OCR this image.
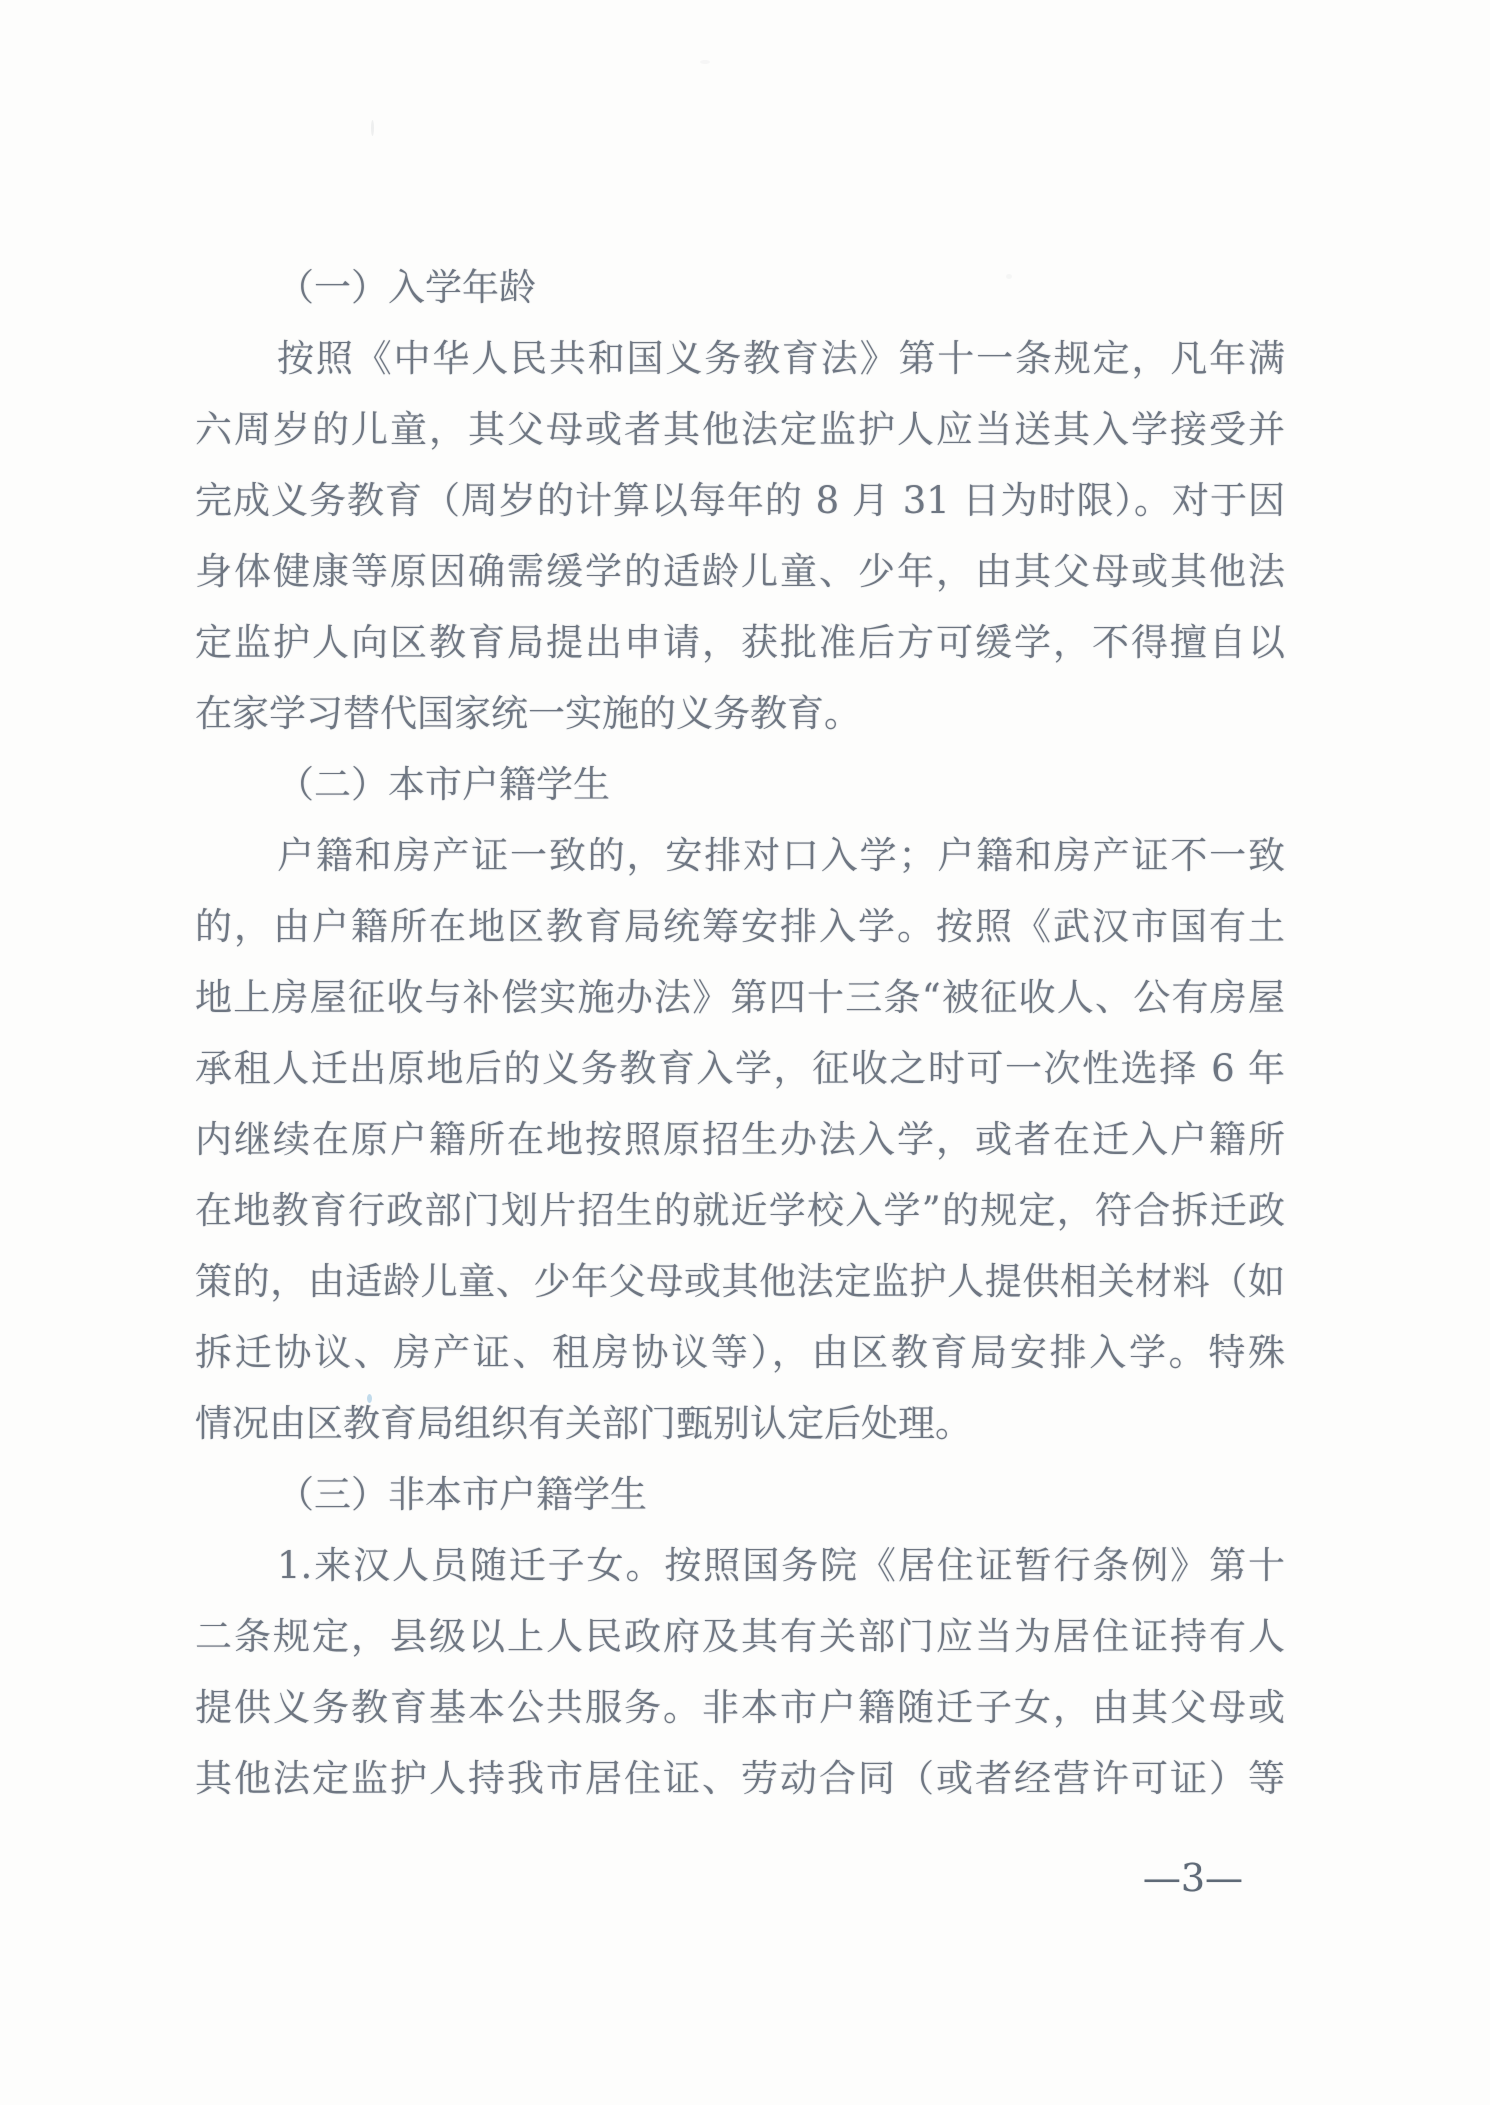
（一）入学年龄
按照《中华人民共和国义务教育法》第十一条规定，凡年满
六周岁的儿童，其父母或者其他法定监护人应当送其入学接受并
完成义务教育（周岁的计算以每年的 8 月 31 日为时限）。对于因
身体健康等原因确需缓学的适龄儿童、少年，由其父母或其他法
定监护人向区教育局提出申请，获批准后方可缓学，不得擅自以
在家学习替代国家统一实施的义务教育。
（二）本市户籍学生
户籍和房产证一致的，安排对口入学；户籍和房产证不一致
的，由户籍所在地区教育局统筹安排入学。按照《武汉市国有土
地上房屋征收与补偿实施办法》第四十三条“被征收人、公有房屋
承租人迁出原地后的义务教育入学，征收之时可一次性选择 6 年
内继续在原户籍所在地按照原招生办法入学，或者在迁入户籍所
在地教育行政部门划片招生的就近学校入学”的规定，符合拆迁政
策的，由适龄儿童、少年父母或其他法定监护人提供相关材料（如
拆迁协议、房产证、租房协议等），由区教育局安排入学。特殊
情况由区教育局组织有关部门甄别认定后处理。
（三）非本市户籍学生
1.来汉人员随迁子女。按照国务院《居住证暂行条例》第十
二条规定，县级以上人民政府及其有关部门应当为居住证持有人
提供义务教育基本公共服务。非本市户籍随迁子女，由其父母或
其他法定监护人持我市居住证、劳动合同（或者经营许可证）等
—3—
